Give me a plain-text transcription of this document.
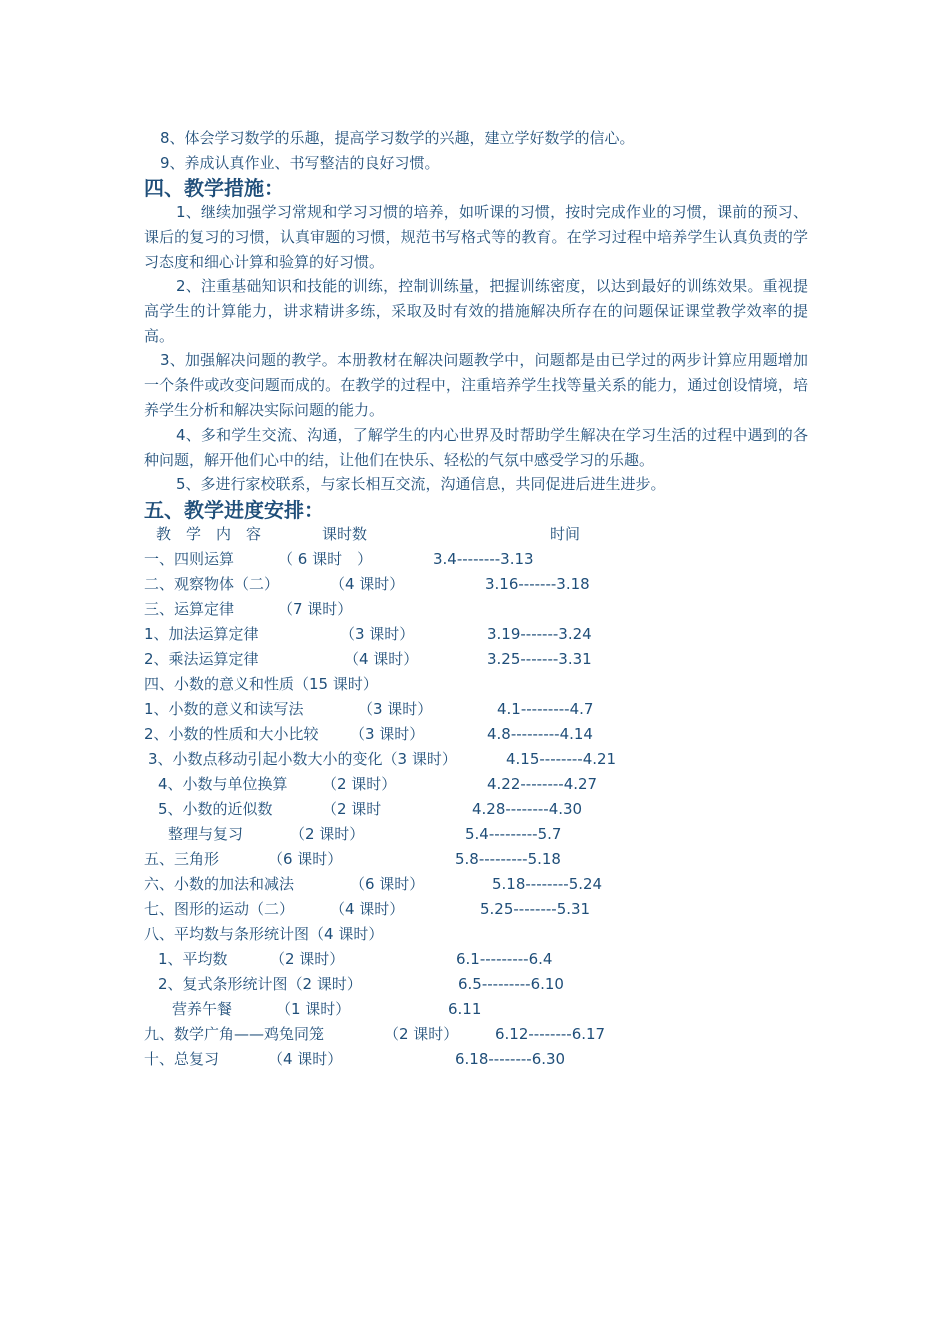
8、体会学习数学的乐趣，提高学习数学的兴趣，建立学好数学的信心。
9、养成认真作业、书写整洁的良好习惯。
四、教学措施：
1、继续加强学习常规和学习习惯的培养，如听课的习惯，按时完成作业的习惯，课前的预习、课后的复习的习惯，认真审题的习惯，规范书写格式等的教育。在学习过程中培养学生认真负责的学习态度和细心计算和验算的好习惯。
2、注重基础知识和技能的训练，控制训练量，把握训练密度，以达到最好的训练效果。重视提高学生的计算能力，讲求精讲多练，采取及时有效的措施解决所存在的问题保证课堂教学效率的提高。
3、加强解决问题的教学。本册教材在解决问题教学中，问题都是由已学过的两步计算应用题增加一个条件或改变问题而成的。在教学的过程中，注重培养学生找等量关系的能力，通过创设情境，培养学生分析和解决实际问题的能力。
4、多和学生交流、沟通，了解学生的内心世界及时帮助学生解决在学习生活的过程中遇到的各种问题，解开他们心中的结，让他们在快乐、轻松的气氛中感受学习的乐趣。
5、多进行家校联系，与家长相互交流，沟通信息，共同促进后进生进步。
五、教学进度安排：
教　学　内　容	课时数	时间
一、四则运算	（ 6 课时　）	3.4--------3.13
二、观察物体（二）	（4 课时）	3.16-------3.18
三、运算定律	（7 课时）
1、加法运算定律	（3 课时）	3.19-------3.24
2、乘法运算定律	（4 课时）	3.25-------3.31
四、小数的意义和性质（15 课时）
1、小数的意义和读写法	（3 课时）	4.1---------4.7
2、小数的性质和大小比较 （3 课时）	4.8---------4.14
3、小数点移动引起小数大小的变化（3 课时）	4.15--------4.21
4、小数与单位换算 （2 课时）	4.22--------4.27
5、小数的近似数	（2 课时	4.28--------4.30
整理与复习	（2 课时）	5.4---------5.7
五、三角形	（6 课时）	5.8---------5.18
六、小数的加法和减法	（6 课时）	5.18--------5.24
七、图形的运动（二） （4 课时）	5.25--------5.31
八、平均数与条形统计图（4 课时）
1、平均数	（2 课时）	6.1---------6.4
2、复式条形统计图（2 课时）	6.5---------6.10
营养午餐	（1 课时）	6.11
九、数学广角——鸡兔同笼	（2 课时） 6.12--------6.17
十、总复习	（4 课时）	6.18--------6.30
